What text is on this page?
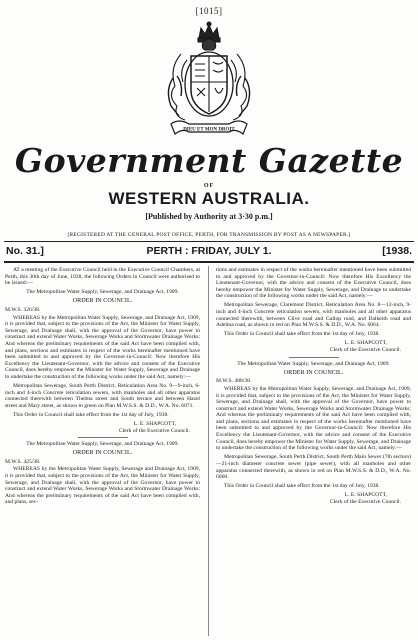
[1015]
DIEU ET MON DROIT
Government Gazette
OF
WESTERN AUSTRALIA.
[Published by Authority at 3·30 p.m.]
[REGISTERED AT THE GENERAL POST OFFICE, PERTH, FOR TRANSMISSION BY POST AS A NEWSPAPER.]
No. 31.]	PERTH : FRIDAY, JULY 1.	[1938.

AT a meeting of the Executive Council held in the Executive Council Chambers, at Perth, this 30th day of June, 1938, the following Orders in Council were authorised to be issued:—

The Metropolitan Water Supply, Sewerage, and Drainage Act, 1909.

ORDER IN COUNCIL.

M.W.S. 326/38.

WHEREAS by the Metropolitan Water Supply, Sewerage, and Drainage Act, 1909, it is provided that, subject to the provisions of the Act, the Minister for Water Supply, Sewerage, and Drainage shall, with the approval of the Governor, have power to construct and extend Water Works, Sewerage Works and Stormwater Drainage Works: And whereas the preliminary requirements of the said Act have been complied with, and plans, sections and estimates in respect of the works hereinafter mentioned have been submitted to and approved by the Governor-in-Council: Now therefore His Excellency the Lieutenant-Governor, with the advice and consent of the Executive Council, does hereby empower the Minister for Water Supply, Sewerage and Drainage to undertake the construction of the following works under the said Act, namely:—

Metropolitan Sewerage, South Perth District, Reticulation Area No. 9—9-inch, 6-inch and 4-inch Concrete reticulation sewers, with manholes and all other apparatus connected therewith between Thelma street and South terrace and between Hazel street and Mary street, as shown in green on Plan M.W.S.S. & D.D., W.A. No. 6071.

This Order in Council shall take effect from the 1st day of July, 1938.

L. E. SHAPCOTT,

Clerk of the Executive Council.

The Metropolitan Water Supply, Sewerage, and Drainage Act, 1909.

ORDER IN COUNCIL.

M.W.S. 425/38.

WHEREAS by the Metropolitan Water Supply, Sewerage and Drainage Act, 1909, it is provided that, subject to the provisions of the Act, the Minister for Water Supply, Sewerage, and Drainage shall, with the approval of the Governor, have power to construct and extend Water Works, Sewerage Works and Stormwater Drainage Works: And whereas the preliminary requirements of the said Act have been complied with, and plans, sec-

tions and estimates in respect of the works hereinafter mentioned have been submitted to and approved by the Governor-in-Council: Now therefore His Excellency the Lieutenant-Governor, with the advice and consent of the Executive Council, does hereby empower the Minister for Water Supply, Sewerage, and Drainage to undertake the construction of the following works under the said Act, namely:—

Metropolitan Sewerage, Claremont District, Reticulation Area No. 8—12-inch, 9-inch and 4-inch Concrete reticulation sewers, with manholes and all other apparatus connected therewith, between Clive road and Gallop road, and Dalkeith road and Adelma road, as shown in red on Plan M.W.S.S. & D.D., W.A. No. 6064.

This Order in Council shall take effect from the 1st day of July, 1938.

L. E. SHAPCOTT,

Clerk of the Executive Council.

The Metropolitan Water Supply, Sewerage, and Drainage Act, 1909.

ORDER IN COUNCIL.

M.W.S. 488/38.

WHEREAS by the Metropolitan Water Supply, Sewerage, and Drainage Act, 1909, it is provided that, subject to the provisions of the Act, the Minister for Water Supply, Sewerage, and Drainage shall, with the approval of the Governor, have power to construct and extend Water Works, Sewerage Works and Stormwater Drainage Works: And whereas the preliminary requirements of the said Act have been complied with, and plans, sections and estimates in respect of the works hereinafter mentioned have been submitted to and approved by the Governor-in-Council: Now therefore His Excellency the Lieutenant-Governor, with the advice and consent of the Executive Council, does hereby empower the Minister for Water Supply, Sewerage, and Drainage to undertake the construction of the following works under the said Act, namely:—

Metropolitan Sewerage, South Perth District, South Perth Main Sewer (7th section)—21-inch diameter concrete sewer (pipe sewer), with all manholes and other apparatus connected therewith, as shown in red on Plan M.W.S.S. & D.D., W.A. No. 6060.

This Order in Council shall take effect from the 1st day of July, 1938.

L. E. SHAPCOTT,

Clerk of the Executive Council.
